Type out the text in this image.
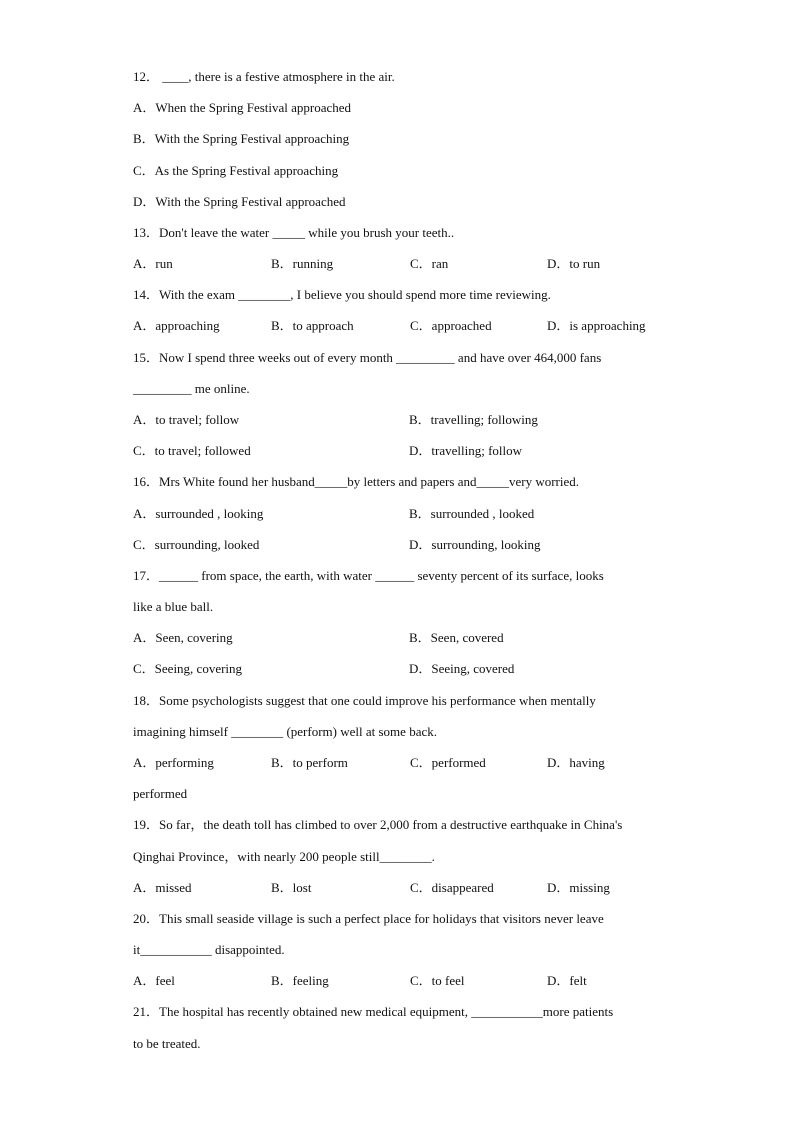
12． ____, there is a festive atmosphere in the air.
A．When the Spring Festival approached
B．With the Spring Festival approaching
C．As the Spring Festival approaching
D．With the Spring Festival approached
13．Don't leave the water _____ while you brush your teeth..
A．run	B．running	C．ran	D．to run
14．With the exam ________, I believe you should spend more time reviewing.
A．approaching	B．to approach	C．approached	D．is approaching
15．Now I spend three weeks out of every month _________ and have over 464,000 fans
_________ me online.
A．to travel; follow	B．travelling; following
C．to travel; followed	D．travelling; follow
16．Mrs White found her husband_____by letters and papers and_____very worried.
A．surrounded , looking	B．surrounded , looked
C．surrounding, looked	D．surrounding, looking
17．______ from space, the earth, with water ______ seventy percent of its surface, looks
like a blue ball.
A．Seen, covering	B．Seen, covered
C．Seeing, covering	D．Seeing, covered
18．Some psychologists suggest that one could improve his performance when mentally
imagining himself ________ (perform) well at some back.
A．performing	B．to perform	C．performed	D．having
performed
19．So far，the death toll has climbed to over 2,000 from a destructive earthquake in China's
Qinghai Province，with nearly 200 people still________.
A．missed	B．lost	C．disappeared	D．missing
20．This small seaside village is such a perfect place for holidays that visitors never leave
it___________ disappointed.
A．feel	B．feeling	C．to feel	D．felt
21．The hospital has recently obtained new medical equipment, ___________more patients
to be treated.
